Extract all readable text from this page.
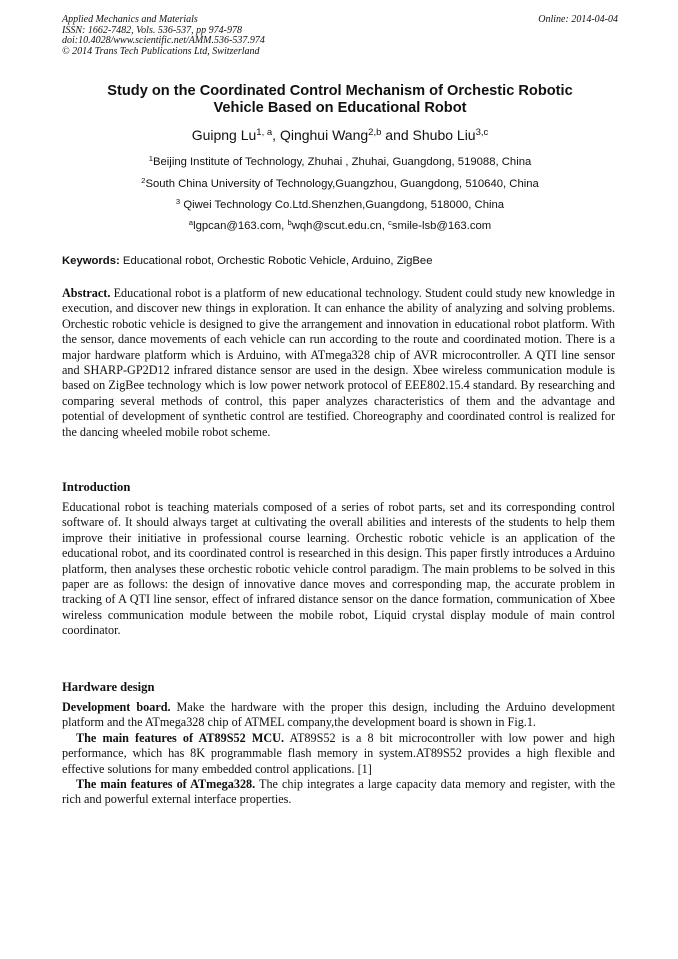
Applied Mechanics and Materials
ISSN: 1662-7482, Vols. 536-537, pp 974-978
doi:10.4028/www.scientific.net/AMM.536-537.974
© 2014 Trans Tech Publications Ltd, Switzerland
Online: 2014-04-04
Study on the Coordinated Control Mechanism of Orchestic Robotic
Vehicle Based on Educational Robot
Guipng Lu$^{1, a}$, Qinghui Wang$^{2,b}$ and Shubo Liu$^{3,c}$
$^1$Beijing Institute of Technology, Zhuhai , Zhuhai, Guangdong, 519088, China
$^2$South China University of Technology,Guangzhou, Guangdong, 510640, China
$^3$ Qiwei Technology Co.Ltd.Shenzhen,Guangdong, 518000, China
$^a$lgpcan@163.com, $^b$wqh@scut.edu.cn, $^c$smile-lsb@163.com
Keywords: Educational robot, Orchestic Robotic Vehicle, Arduino, ZigBee
Abstract. Educational robot is a platform of new educational technology. Student could study new knowledge in execution, and discover new things in exploration. It can enhance the ability of analyzing and solving problems. Orchestic robotic vehicle is designed to give the arrangement and innovation in educational robot platform. With the sensor, dance movements of each vehicle can run according to the route and coordinated motion. There is a major hardware platform which is Arduino, with ATmega328 chip of AVR microcontroller. A QTI line sensor and SHARP-GP2D12 infrared distance sensor are used in the design. Xbee wireless communication module is based on ZigBee technology which is low power network protocol of EEE802.15.4 standard. By researching and comparing several methods of control, this paper analyzes characteristics of them and the advantage and potential of development of synthetic control are testified. Choreography and coordinated control is realized for the dancing wheeled mobile robot scheme.
Introduction
Educational robot is teaching materials composed of a series of robot parts, set and its corresponding control software of. It should always target at cultivating the overall abilities and interests of the students to help them improve their initiative in professional course learning. Orchestic robotic vehicle is an application of the educational robot, and its coordinated control is researched in this design. This paper firstly introduces a Arduino platform, then analyses these orchestic robotic vehicle control paradigm. The main problems to be solved in this paper are as follows: the design of innovative dance moves and corresponding map, the accurate problem in tracking of A QTI line sensor, effect of infrared distance sensor on the dance formation, communication of Xbee wireless communication module between the mobile robot, Liquid crystal display module of main control coordinator.
Hardware design
Development board. Make the hardware with the proper this design, including the Arduino development platform and the ATmega328 chip of ATMEL company,the development board is shown in Fig.1.
The main features of AT89S52 MCU. AT89S52 is a 8 bit microcontroller with low power and high performance, which has 8K programmable flash memory in system.AT89S52 provides a high flexible and effective solutions for many embedded control applications. [1]
The main features of ATmega328. The chip integrates a large capacity data memory and register, with the rich and powerful external interface properties.
